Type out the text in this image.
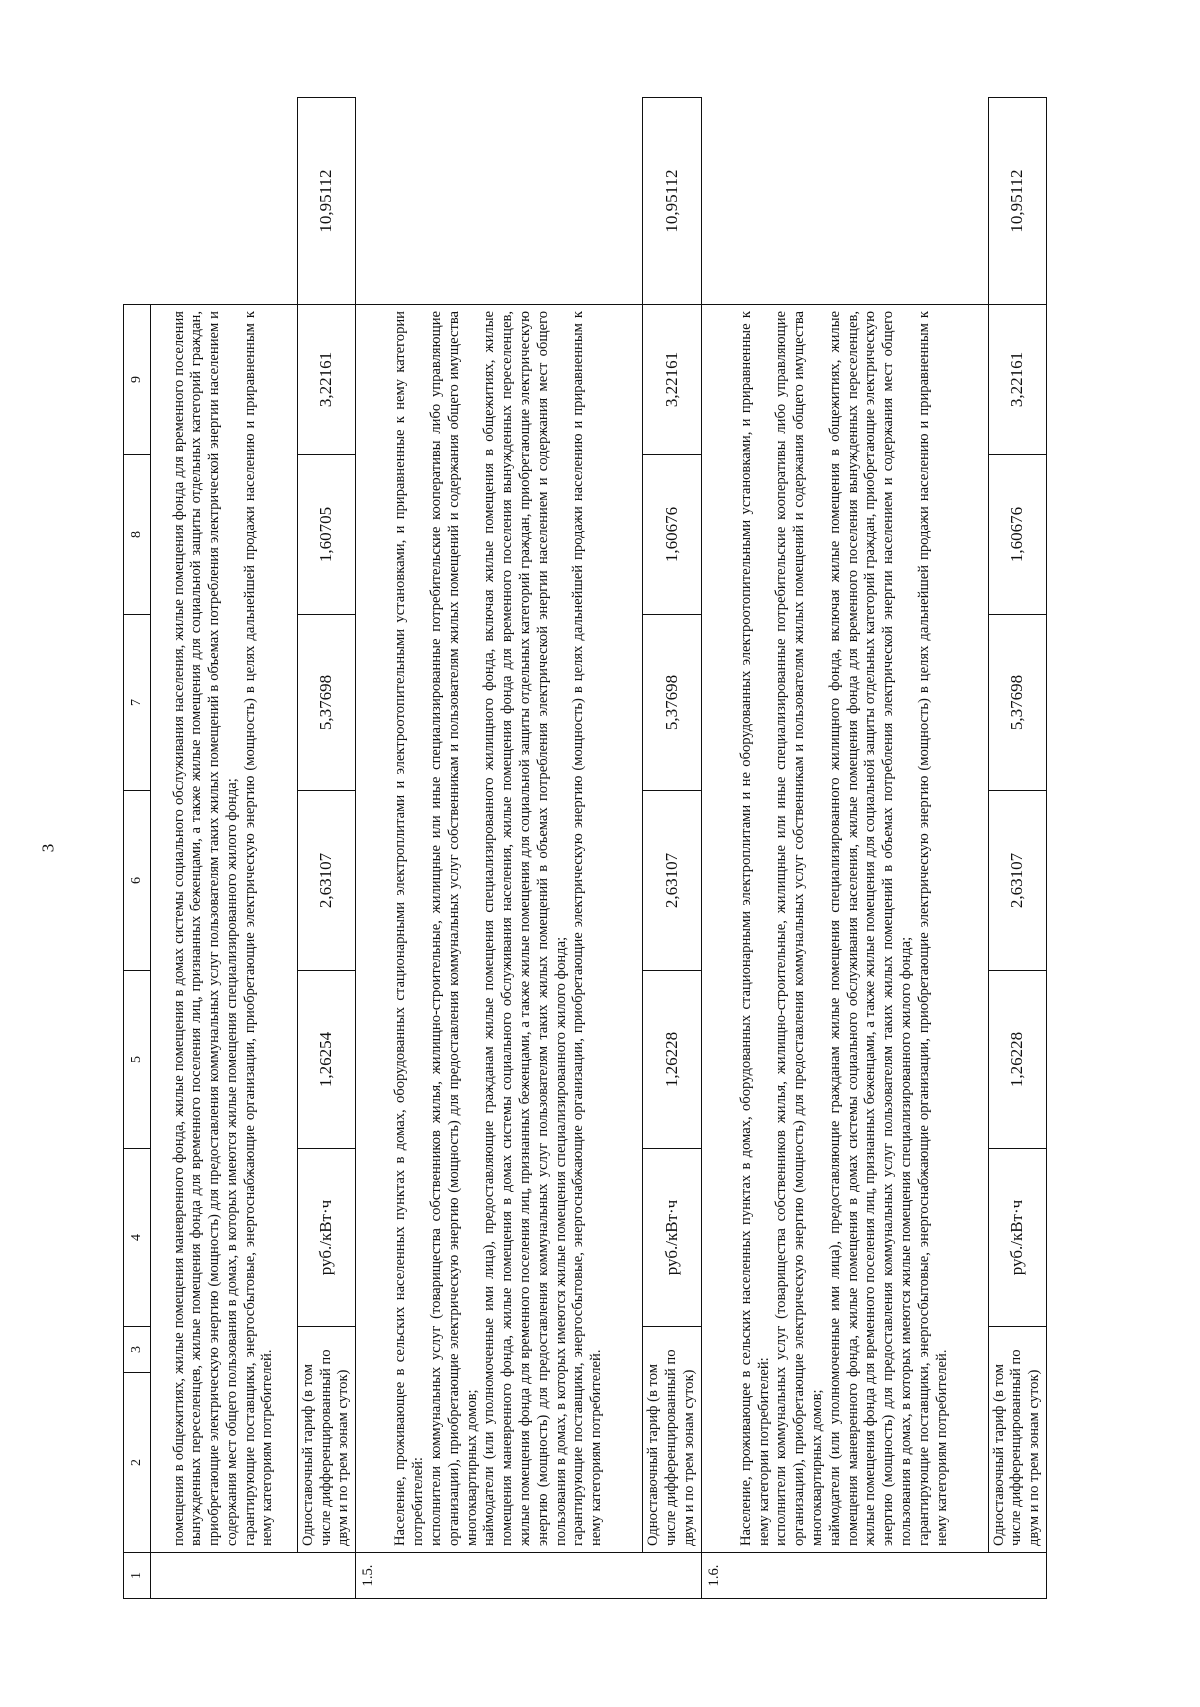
3
1	2	3	4	5	6	7	8	9	

	помещения в общежитиях, жилые помещения маневренного фонда, жилые помещения в домах системы социального обслуживания населения, жилые помещения фонда для временного поселения вынужденных переселенцев, жилые помещения фонда для временного поселения лиц, признанных беженцами, а также жилые помещения для социальной защиты отдельных категорий граждан, приобретающие электрическую энергию (мощность) для предоставления коммунальных услуг пользователям таких жилых помещений в объемах потребления электрической энергии населением и содержания мест общего пользования в домах, в которых имеются жилые помещения специализированного жилого фонда; гарантирующие поставщики, энергосбытовые, энергоснабжающие организации, приобретающие электрическую энергию (мощность) в целях дальнейшей продажи населению и приравненным к нему категориям потребителей.								

	Одноставочный тариф (в том числе дифференцированный по двум и по трем зонам суток)		руб./кВт·ч	1,26254	2,63107	5,37698	1,60705	3,22161	10,95112
1.5.	Население, проживающее в сельских населенных пунктах в домах, оборудованных стационарными электроплитами и электроотопительными установками, и приравненные к нему категории потребителей: исполнители коммунальных услуг (товарищества собственников жилья, жилищно-строительные, жилищные или иные специализированные потребительские кооперативы либо управляющие организации), приобретающие электрическую энергию (мощность) для предоставления коммунальных услуг собственникам и пользователям жилых помещений и содержания общего имущества многоквартирных домов; наймодатели (или уполномоченные ими лица), предоставляющие гражданам жилые помещения специализированного жилищного фонда, включая жилые помещения в общежитиях, жилые помещения маневренного фонда, жилые помещения в домах системы социального обслуживания населения, жилые помещения фонда для временного поселения вынужденных переселенцев, жилые помещения фонда для временного поселения лиц, признанных беженцами, а также жилые помещения для социальной защиты отдельных категорий граждан, приобретающие электрическую энергию (мощность) для предоставления коммунальных услуг пользователям таких жилых помещений в объемах потребления электрической энергии населением и содержания мест общего пользования в домах, в которых имеются жилые помещения специализированного жилого фонда; гарантирующие поставщики, энергосбытовые, энергоснабжающие организации, приобретающие электрическую энергию (мощность) в целях дальнейшей продажи населению и приравненным к нему категориям потребителей.								

	Одноставочный тариф (в том числе дифференцированный по двум и по трем зонам суток)		руб./кВт·ч	1,26228	2,63107	5,37698	1,60676	3,22161	10,95112
1.6.	Население, проживающее в сельских населенных пунктах в домах, оборудованных стационарными электроплитами и не оборудованных электроотопительными установками, и приравненные к нему категории потребителей: исполнители коммунальных услуг (товарищества собственников жилья, жилищно-строительные, жилищные или иные специализированные потребительские кооперативы либо управляющие организации), приобретающие электрическую энергию (мощность) для предоставления коммунальных услуг собственникам и пользователям жилых помещений и содержания общего имущества многоквартирных домов; наймодатели (или уполномоченные ими лица), предоставляющие гражданам жилые помещения специализированного жилищного фонда, включая жилые помещения в общежитиях, жилые помещения маневренного фонда, жилые помещения в домах системы социального обслуживания населения, жилые помещения фонда для временного поселения вынужденных переселенцев, жилые помещения фонда для временного поселения лиц, признанных беженцами, а также жилые помещения для социальной защиты отдельных категорий граждан, приобретающие электрическую энергию (мощность) для предоставления коммунальных услуг пользователям таких жилых помещений в объемах потребления электрической энергии населением и содержания мест общего пользования в домах, в которых имеются жилые помещения специализированного жилого фонда; гарантирующие поставщики, энергосбытовые, энергоснабжающие организации, приобретающие электрическую энергию (мощность) в целях дальнейшей продажи населению и приравненным к нему категориям потребителей.								

	Одноставочный тариф (в том числе дифференцированный по двум и по трем зонам суток)		руб./кВт·ч	1,26228	2,63107	5,37698	1,60676	3,22161	10,95112
